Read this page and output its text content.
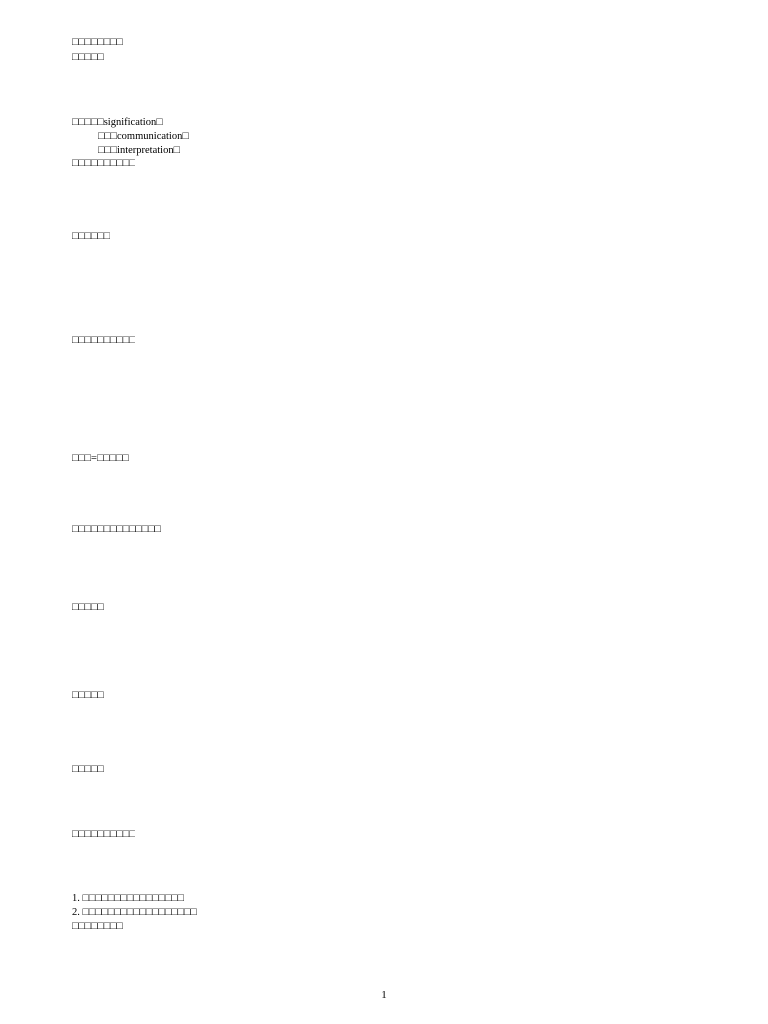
□□□□□□□□
□□□□□
□□□□□signification□
□□□communication□
□□□interpretation□
□□□□□□□□□□
□□□□□□
□□□□□□□□□□
□□□=□□□□□
□□□□□□□□□□□□□□
□□□□□
□□□□□
□□□□□
□□□□□□□□□□
1. □□□□□□□□□□□□□□□□
2. □□□□□□□□□□□□□□□□□□
□□□□□□□□
1
